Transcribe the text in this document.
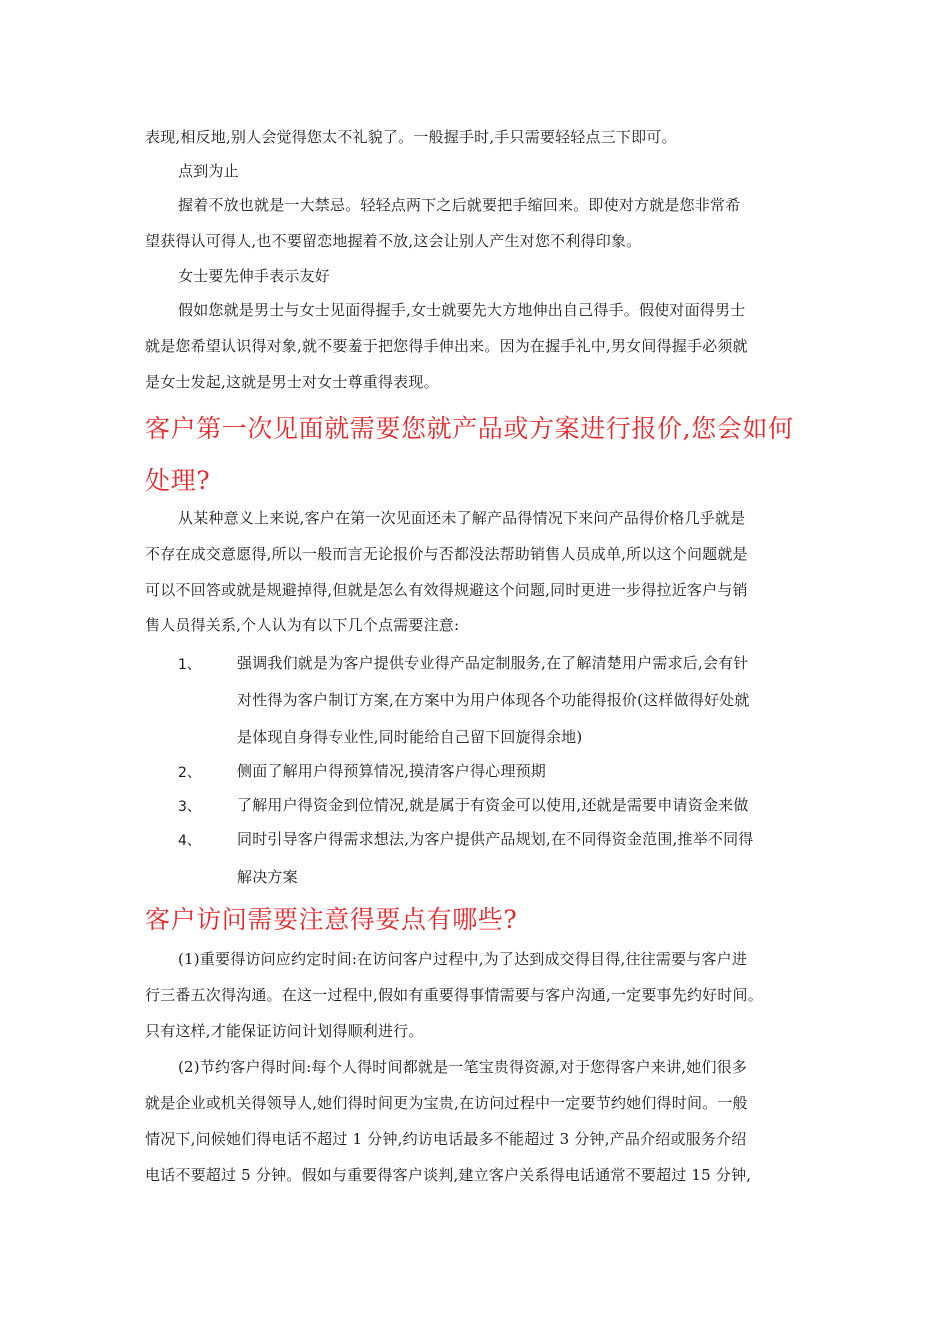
表现,相反地,别人会觉得您太不礼貌了。一般握手时,手只需要轻轻点三下即可。
点到为止
握着不放也就是一大禁忌。轻轻点两下之后就要把手缩回来。即使对方就是您非常希
望获得认可得人,也不要留恋地握着不放,这会让别人产生对您不利得印象。
女士要先伸手表示友好
假如您就是男士与女士见面得握手,女士就要先大方地伸出自己得手。假使对面得男士
就是您希望认识得对象,就不要羞于把您得手伸出来。因为在握手礼中,男女间得握手必须就
是女士发起,这就是男士对女士尊重得表现。
客户第一次见面就需要您就产品或方案进行报价,您会如何
处理?
从某种意义上来说,客户在第一次见面还未了解产品得情况下来问产品得价格几乎就是
不存在成交意愿得,所以一般而言无论报价与否都没法帮助销售人员成单,所以这个问题就是
可以不回答或就是规避掉得,但就是怎么有效得规避这个问题,同时更进一步得拉近客户与销
售人员得关系,个人认为有以下几个点需要注意:
1、 强调我们就是为客户提供专业得产品定制服务,在了解清楚用户需求后,会有针
对性得为客户制订方案,在方案中为用户体现各个功能得报价(这样做得好处就
是体现自身得专业性,同时能给自己留下回旋得余地)
2、 侧面了解用户得预算情况,摸清客户得心理预期
3、 了解用户得资金到位情况,就是属于有资金可以使用,还就是需要申请资金来做
4、 同时引导客户得需求想法,为客户提供产品规划,在不同得资金范围,推举不同得
解决方案
客户访问需要注意得要点有哪些?
(1)重要得访问应约定时间:在访问客户过程中,为了达到成交得目得,往往需要与客户进
行三番五次得沟通。在这一过程中,假如有重要得事情需要与客户沟通,一定要事先约好时间。
只有这样,才能保证访问计划得顺利进行。
(2)节约客户得时间:每个人得时间都就是一笔宝贵得资源,对于您得客户来讲,她们很多
就是企业或机关得领导人,她们得时间更为宝贵,在访问过程中一定要节约她们得时间。一般
情况下,问候她们得电话不超过 1 分钟,约访电话最多不能超过 3 分钟,产品介绍或服务介绍
电话不要超过 5 分钟。假如与重要得客户谈判,建立客户关系得电话通常不要超过 15 分钟,
